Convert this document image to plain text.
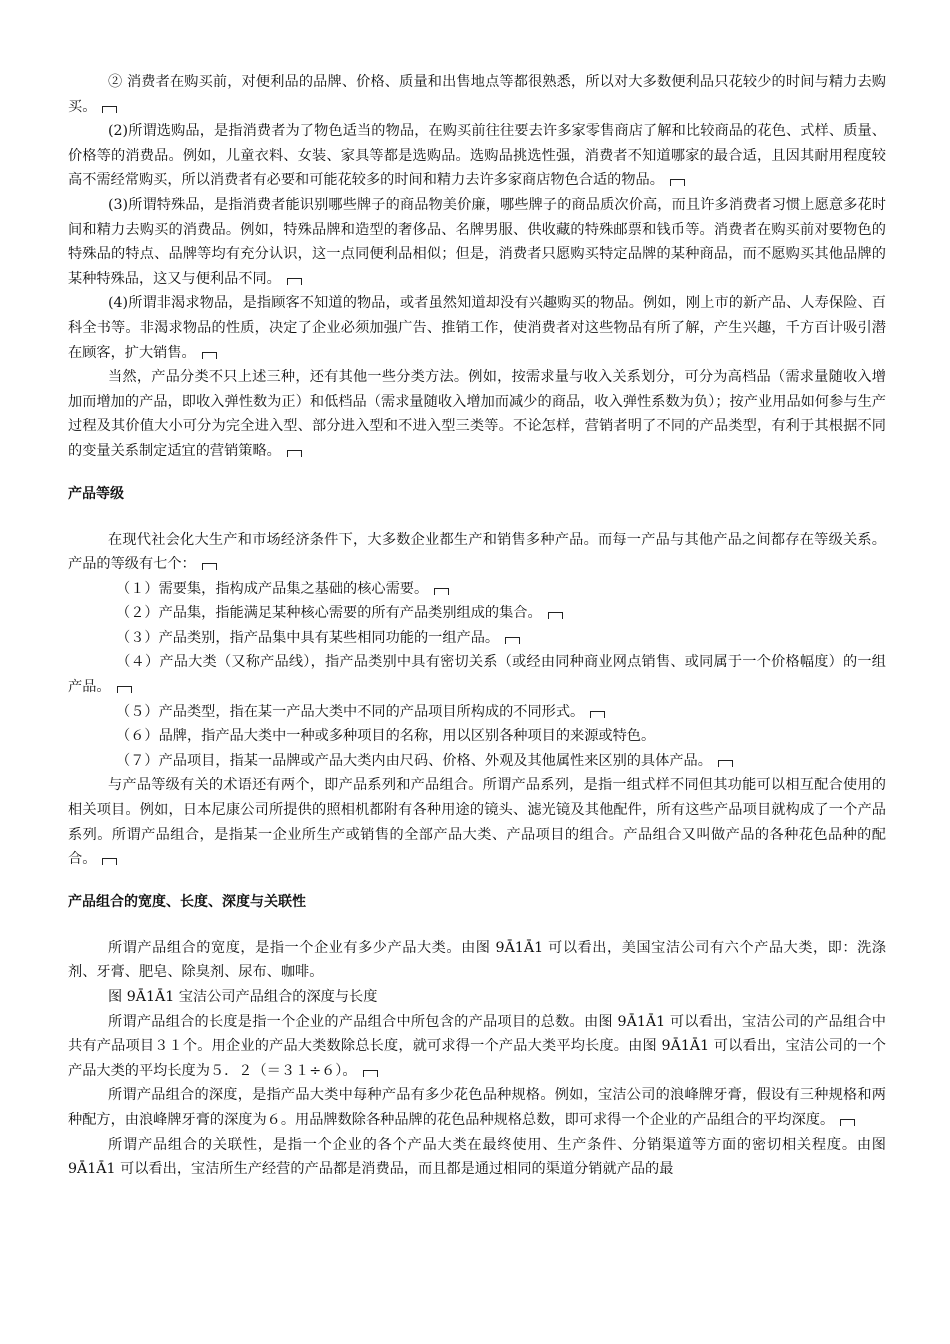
② 消费者在购买前，对便利品的品牌、价格、质量和出售地点等都很熟悉，所以对大多数便利品只花较少的时间与精力去购买。

(2)所谓选购品，是指消费者为了物色适当的物品，在购买前往往要去许多家零售商店了解和比较商品的花色、式样、质量、价格等的消费品。例如，儿童衣料、女装、家具等都是选购品。选购品挑选性强，消费者不知道哪家的最合适，且因其耐用程度较高不需经常购买，所以消费者有必要和可能花较多的时间和精力去许多家商店物色合适的物品。

(3)所谓特殊品，是指消费者能识别哪些牌子的商品物美价廉，哪些牌子的商品质次价高，而且许多消费者习惯上愿意多花时间和精力去购买的消费品。例如，特殊品牌和造型的奢侈品、名牌男服、供收藏的特殊邮票和钱币等。消费者在购买前对要物色的特殊品的特点、品牌等均有充分认识，这一点同便利品相似；但是，消费者只愿购买特定品牌的某种商品，而不愿购买其他品牌的某种特殊品，这又与便利品不同。

(4)所谓非渴求物品，是指顾客不知道的物品，或者虽然知道却没有兴趣购买的物品。例如，刚上市的新产品、人寿保险、百科全书等。非渴求物品的性质，决定了企业必须加强广告、推销工作，使消费者对这些物品有所了解，产生兴趣，千方百计吸引潜在顾客，扩大销售。

当然，产品分类不只上述三种，还有其他一些分类方法。例如，按需求量与收入关系划分，可分为高档品（需求量随收入增加而增加的产品，即收入弹性数为正）和低档品（需求量随收入增加而减少的商品，收入弹性系数为负）；按产业用品如何参与生产过程及其价值大小可分为完全进入型、部分进入型和不进入型三类等。不论怎样，营销者明了不同的产品类型，有利于其根据不同的变量关系制定适宜的营销策略。

产品等级

在现代社会化大生产和市场经济条件下，大多数企业都生产和销售多种产品。而每一产品与其他产品之间都存在等级关系。产品的等级有七个：

（１）需要集，指构成产品集之基础的核心需要。

（２）产品集，指能满足某种核心需要的所有产品类别组成的集合。

（３）产品类别，指产品集中具有某些相同功能的一组产品。

（４）产品大类（又称产品线），指产品类别中具有密切关系（或经由同种商业网点销售、或同属于一个价格幅度）的一组产品。

（５）产品类型，指在某一产品大类中不同的产品项目所构成的不同形式。

（６）品牌，指产品大类中一种或多种项目的名称，用以区别各种项目的来源或特色。

（７）产品项目，指某一品牌或产品大类内由尺码、价格、外观及其他属性来区别的具体产品。

与产品等级有关的术语还有两个，即产品系列和产品组合。所谓产品系列，是指一组式样不同但其功能可以相互配合使用的相关项目。例如，日本尼康公司所提供的照相机都附有各种用途的镜头、滤光镜及其他配件，所有这些产品项目就构成了一个产品系列。所谓产品组合，是指某一企业所生产或销售的全部产品大类、产品项目的组合。产品组合又叫做产品的各种花色品种的配合。

产品组合的宽度、长度、深度与关联性

所谓产品组合的宽度，是指一个企业有多少产品大类。由图 9Ā1Ā1 可以看出，美国宝洁公司有六个产品大类，即：洗涤剂、牙膏、肥皂、除臭剂、尿布、咖啡。

图 9Ā1Ā1 宝洁公司产品组合的深度与长度

所谓产品组合的长度是指一个企业的产品组合中所包含的产品项目的总数。由图 9Ā1Ā1 可以看出，宝洁公司的产品组合中共有产品项目３１个。用企业的产品大类数除总长度，就可求得一个产品大类平均长度。由图 9Ā1Ā1 可以看出，宝洁公司的一个产品大类的平均长度为５．２（＝３１÷６）。

所谓产品组合的深度，是指产品大类中每种产品有多少花色品种规格。例如，宝洁公司的浪峰牌牙膏，假设有三种规格和两种配方，由浪峰牌牙膏的深度为６。用品牌数除各种品牌的花色品种规格总数，即可求得一个企业的产品组合的平均深度。

所谓产品组合的关联性，是指一个企业的各个产品大类在最终使用、生产条件、分销渠道等方面的密切相关程度。由图 9Ā1Ā1 可以看出，宝洁所生产经营的产品都是消费品，而且都是通过相同的渠道分销就产品的最
